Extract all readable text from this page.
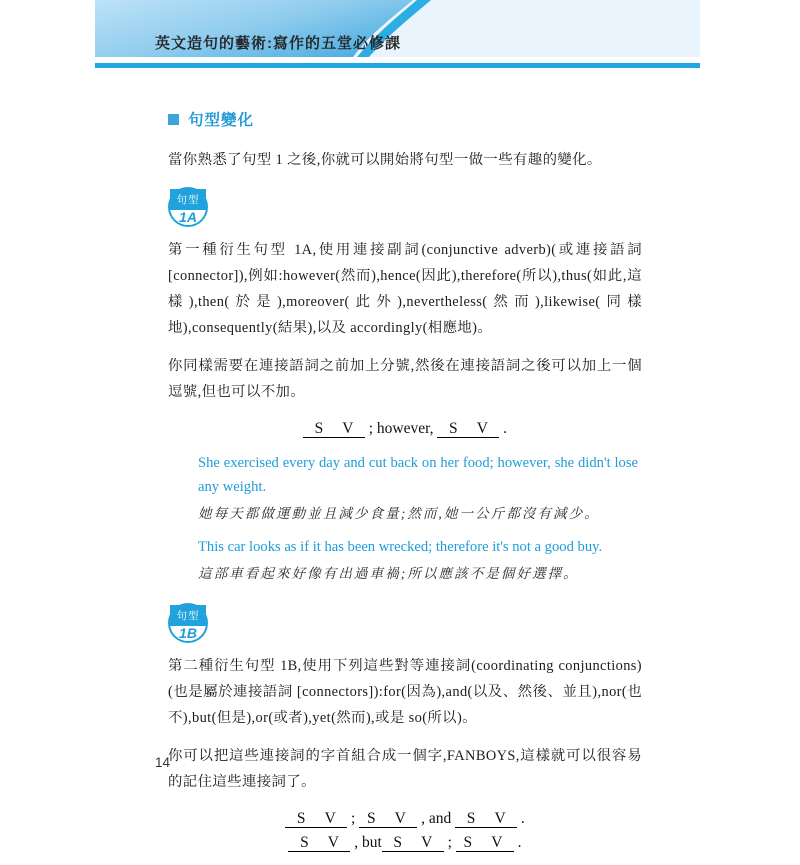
英文造句的藝術:寫作的五堂必修課
句型變化

當你熟悉了句型 1 之後,你就可以開始將句型一做一些有趣的變化。

句型
1A

第一種衍生句型 1A,使用連接副詞(conjunctive adverb)(或連接語詞 [connector]),例如:however(然而),hence(因此),therefore(所以),thus(如此,這樣),then(於是),moreover(此外),nevertheless(然而),likewise(同樣地),consequently(結果),以及 accordingly(相應地)。

你同樣需要在連接語詞之前加上分號,然後在連接語詞之後可以加上一個逗號,但也可以不加。

S     V    ; however,    S     V    .

She exercised every day and cut back on her food; however, she didn't lose any weight.

她每天都做運動並且減少食量;然而,她一公斤都沒有減少。

This car looks as if it has been wrecked; therefore it's not a good buy.

這部車看起來好像有出過車禍;所以應該不是個好選擇。

句型
1B

第二種衍生句型 1B,使用下列這些對等連接詞(coordinating conjunctions)(也是屬於連接語詞 [connectors]):for(因為),and(以及、然後、並且),nor(也不),but(但是),or(或者),yet(然而),或是 so(所以)。

你可以把這些連接詞的字首組合成一個字,FANBOYS,這樣就可以很容易的記住這些連接詞了。

S     V    ;   S     V    , and    S     V    .
S     V    , but   S     V    ;   S     V    .
14
